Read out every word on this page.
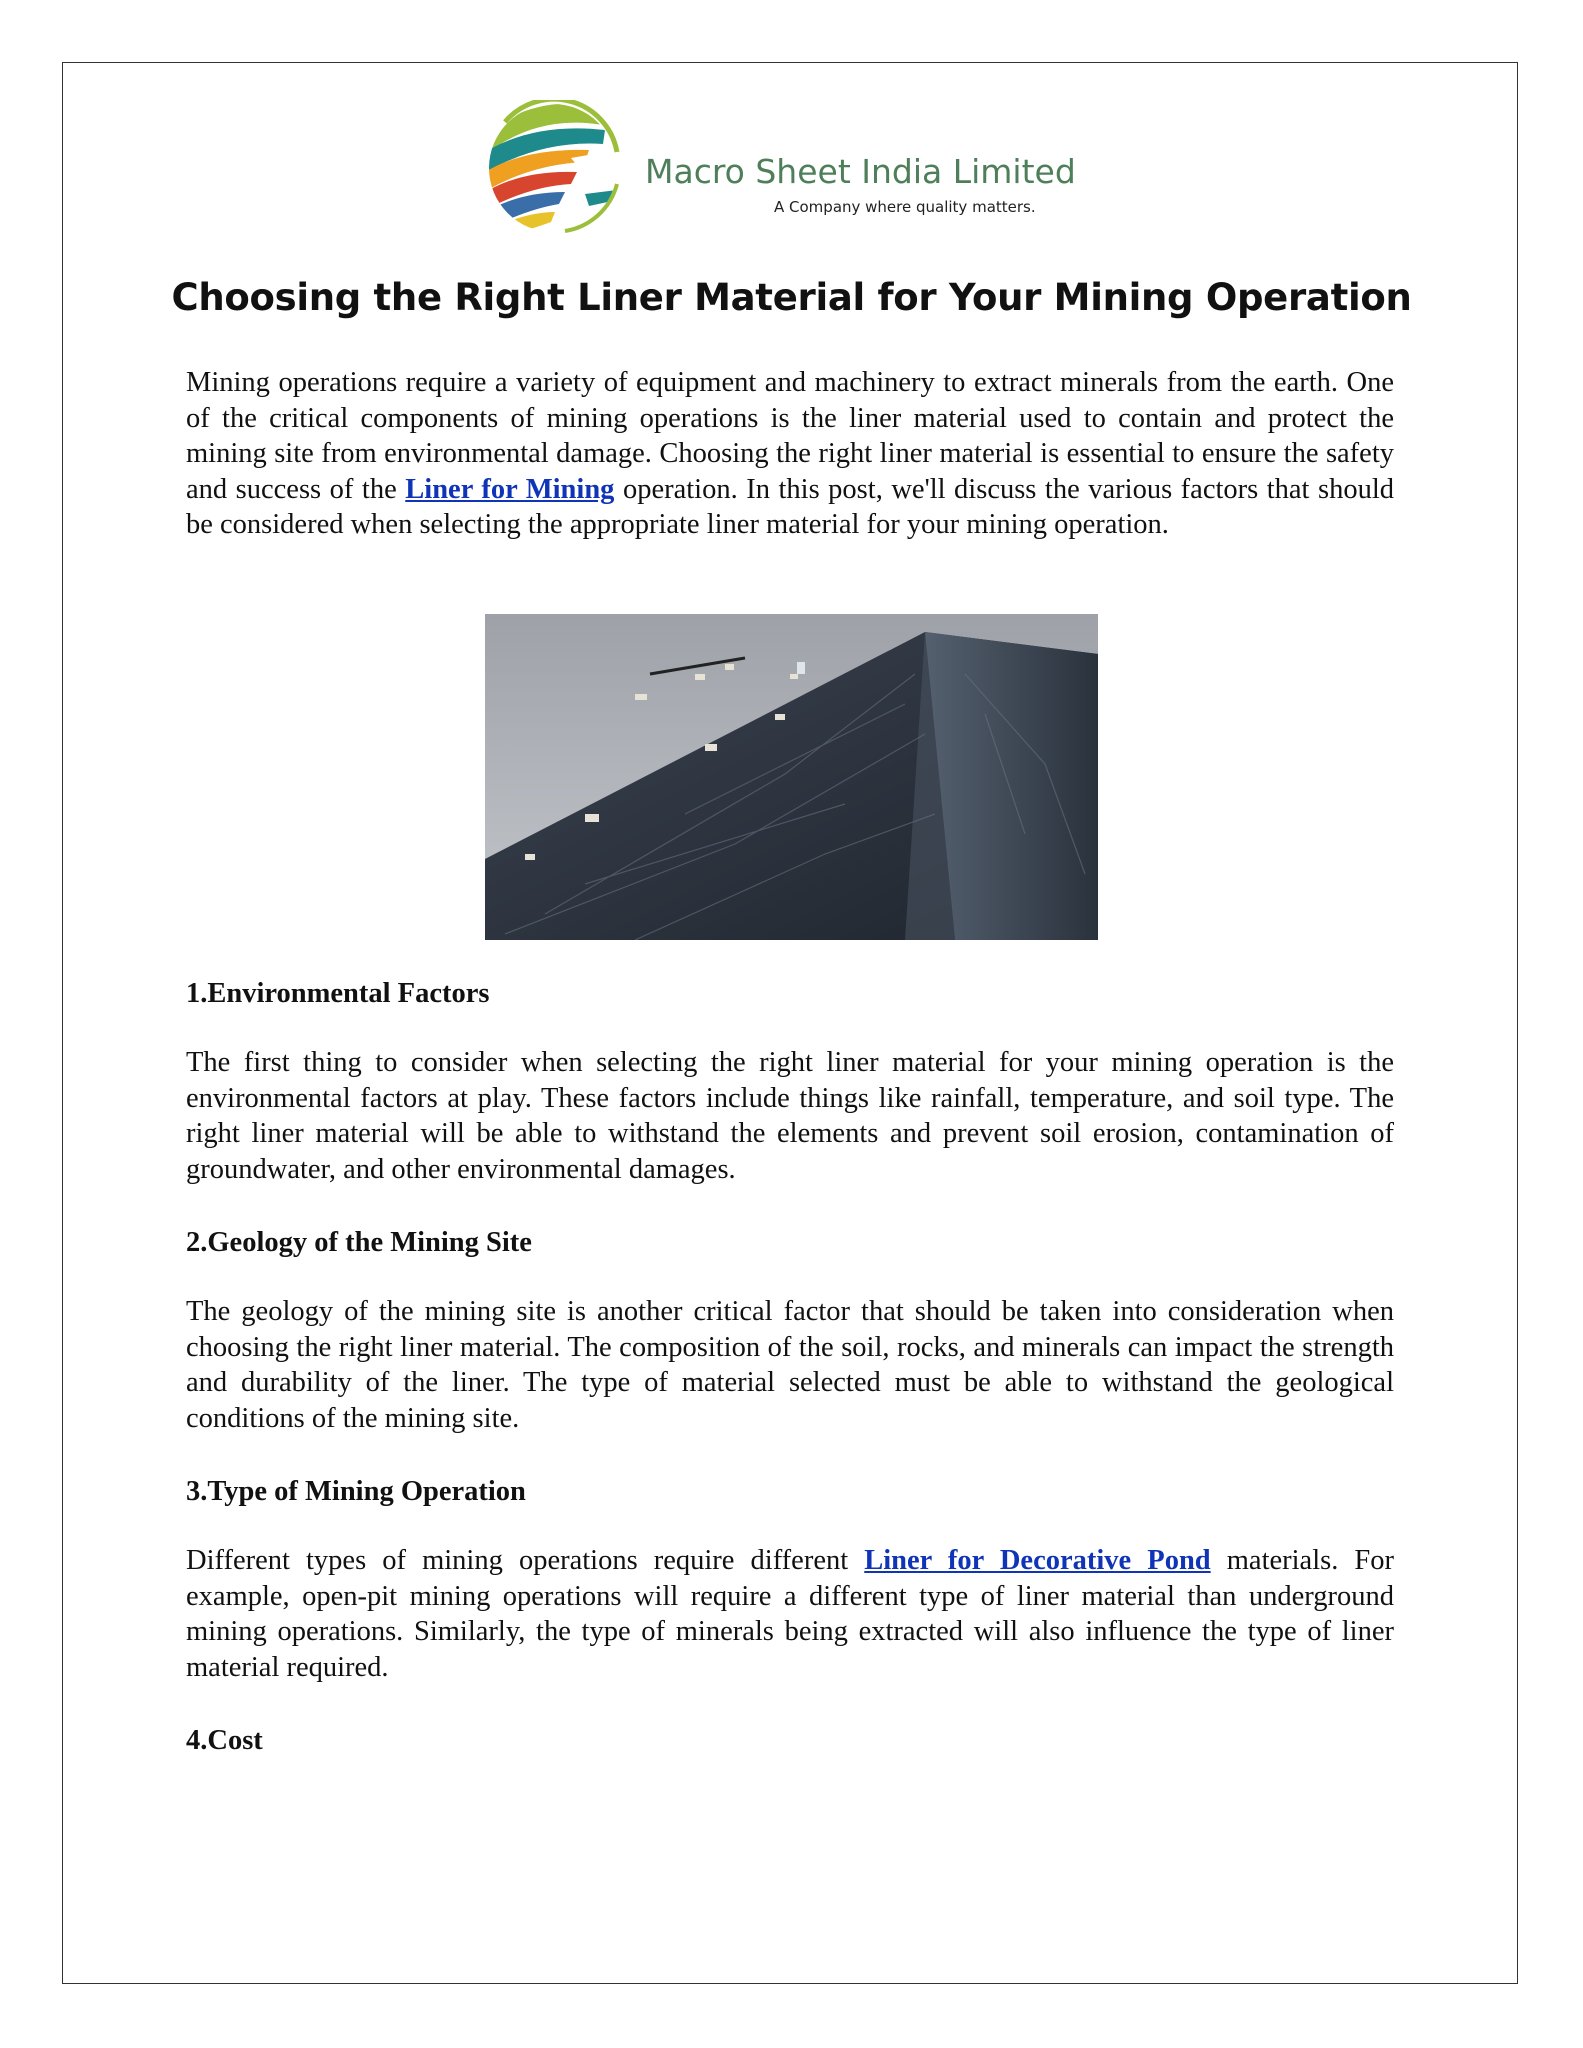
Macro Sheet India Limited
A Company where quality matters.
Choosing the Right Liner Material for Your Mining Operation

Mining operations require a variety of equipment and machinery to extract minerals from the earth. One of the critical components of mining operations is the liner material used to contain and protect the mining site from environmental damage. Choosing the right liner material is essential to ensure the safety and success of the Liner for Mining operation. In this post, we'll discuss the various factors that should be considered when selecting the appropriate liner material for your mining operation.

1.Environmental Factors

The first thing to consider when selecting the right liner material for your mining operation is the environmental factors at play. These factors include things like rainfall, temperature, and soil type. The right liner material will be able to withstand the elements and prevent soil erosion, contamination of groundwater, and other environmental damages.

2.Geology of the Mining Site

The geology of the mining site is another critical factor that should be taken into consideration when choosing the right liner material. The composition of the soil, rocks, and minerals can impact the strength and durability of the liner. The type of material selected must be able to withstand the geological conditions of the mining site.

3.Type of Mining Operation

Different types of mining operations require different Liner for Decorative Pond materials. For example, open-pit mining operations will require a different type of liner material than underground mining operations. Similarly, the type of minerals being extracted will also influence the type of liner material required.

4.Cost
